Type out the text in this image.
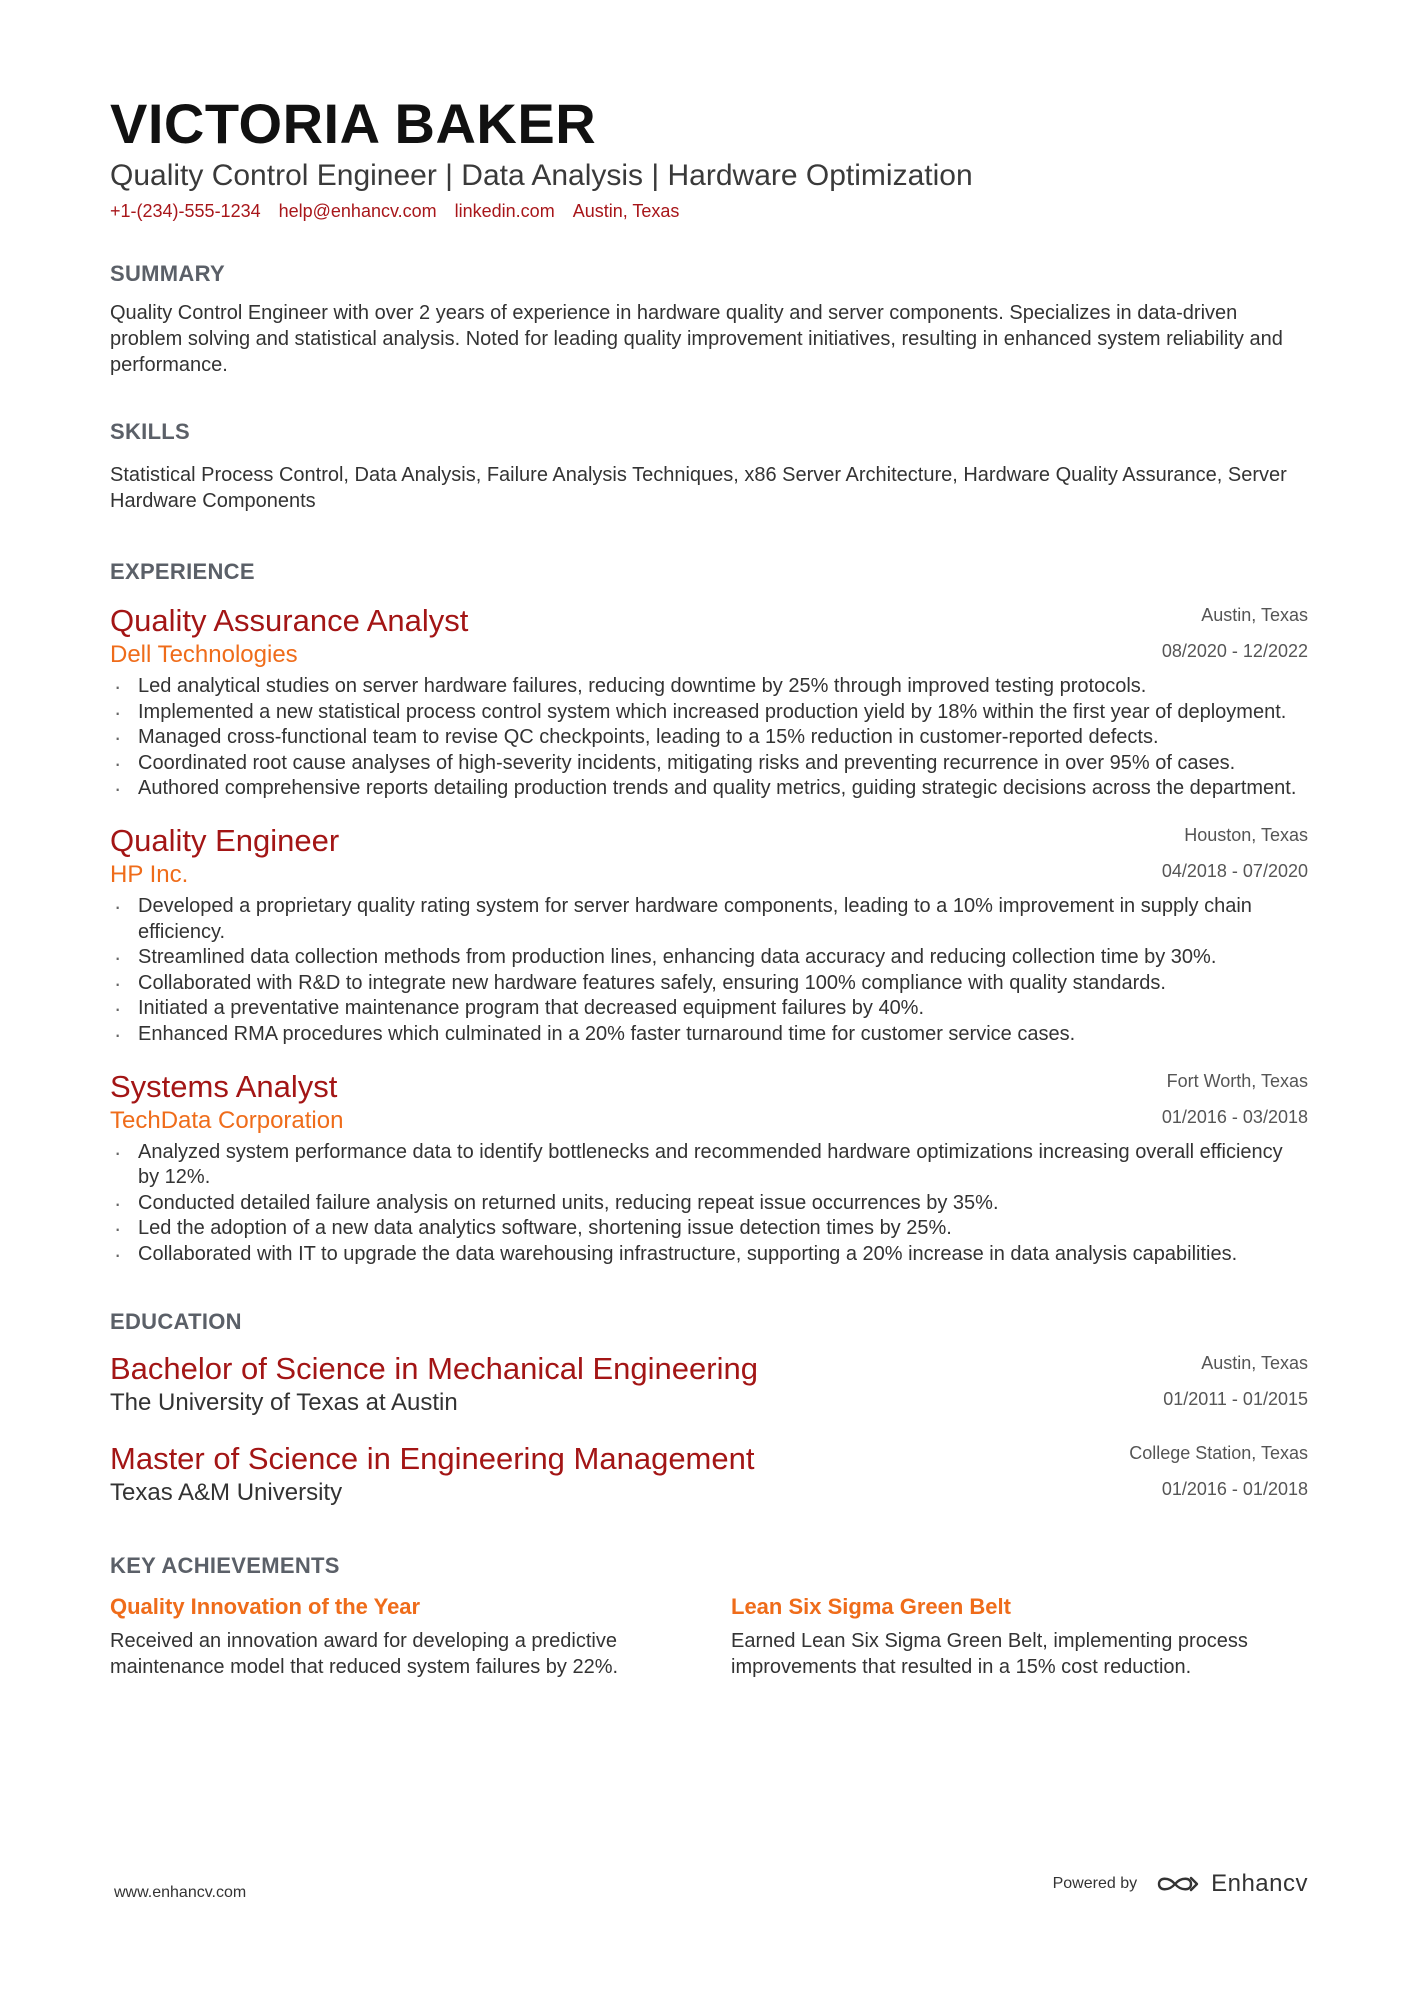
VICTORIA BAKER
Quality Control Engineer | Data Analysis | Hardware Optimization
+1-(234)-555-1234 help@enhancv.com linkedin.com Austin, Texas
SUMMARY
Quality Control Engineer with over 2 years of experience in hardware quality and server components. Specializes in data-driven problem solving and statistical analysis. Noted for leading quality improvement initiatives, resulting in enhanced system reliability and performance.
SKILLS
Statistical Process Control, Data Analysis, Failure Analysis Techniques, x86 Server Architecture, Hardware Quality Assurance, Server Hardware Components
EXPERIENCE
Quality Assurance Analyst
Dell Technologies
Austin, Texas
08/2020 - 12/2022
· Led analytical studies on server hardware failures, reducing downtime by 25% through improved testing protocols.
· Implemented a new statistical process control system which increased production yield by 18% within the first year of deployment.
· Managed cross-functional team to revise QC checkpoints, leading to a 15% reduction in customer-reported defects.
· Coordinated root cause analyses of high-severity incidents, mitigating risks and preventing recurrence in over 95% of cases.
· Authored comprehensive reports detailing production trends and quality metrics, guiding strategic decisions across the department.
Quality Engineer
HP Inc.
Houston, Texas
04/2018 - 07/2020
· Developed a proprietary quality rating system for server hardware components, leading to a 10% improvement in supply chain efficiency.
· Streamlined data collection methods from production lines, enhancing data accuracy and reducing collection time by 30%.
· Collaborated with R&D to integrate new hardware features safely, ensuring 100% compliance with quality standards.
· Initiated a preventative maintenance program that decreased equipment failures by 40%.
· Enhanced RMA procedures which culminated in a 20% faster turnaround time for customer service cases.
Systems Analyst
TechData Corporation
Fort Worth, Texas
01/2016 - 03/2018
· Analyzed system performance data to identify bottlenecks and recommended hardware optimizations increasing overall efficiency by 12%.
· Conducted detailed failure analysis on returned units, reducing repeat issue occurrences by 35%.
· Led the adoption of a new data analytics software, shortening issue detection times by 25%.
· Collaborated with IT to upgrade the data warehousing infrastructure, supporting a 20% increase in data analysis capabilities.
EDUCATION
Bachelor of Science in Mechanical Engineering
The University of Texas at Austin
Austin, Texas
01/2011 - 01/2015
Master of Science in Engineering Management
Texas A&M University
College Station, Texas
01/2016 - 01/2018
KEY ACHIEVEMENTS
Quality Innovation of the Year
Received an innovation award for developing a predictive maintenance model that reduced system failures by 22%.
Lean Six Sigma Green Belt
Earned Lean Six Sigma Green Belt, implementing process improvements that resulted in a 15% cost reduction.
www.enhancv.com
Powered by	Enhancv
